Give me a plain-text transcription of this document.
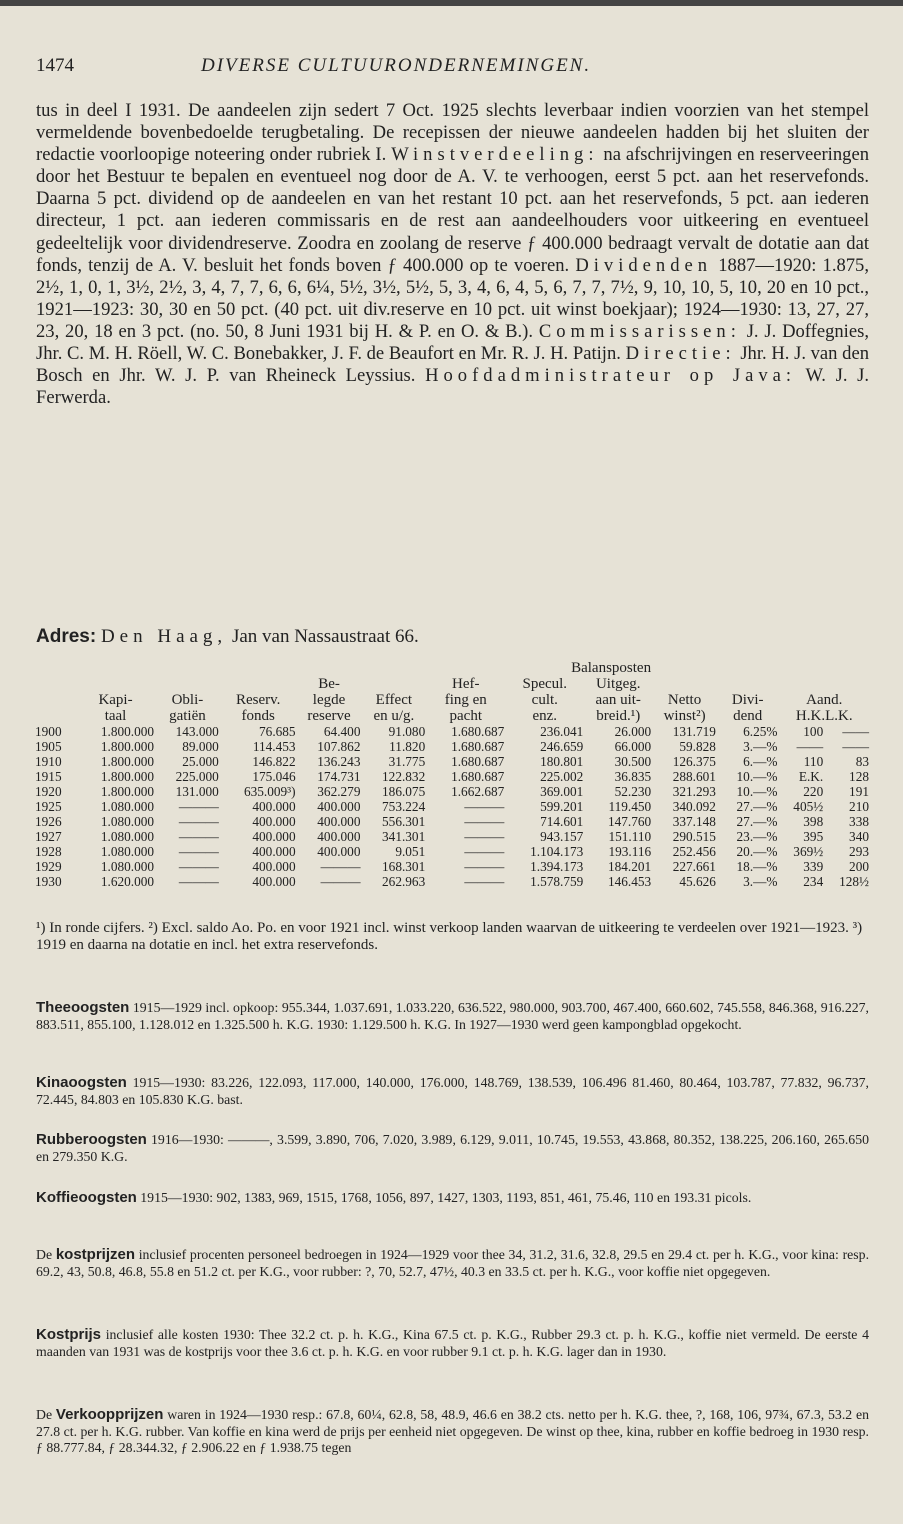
1474	DIVERSE CULTUURONDERNEMINGEN.
tus in deel I 1931. De aandeelen zijn sedert 7 Oct. 1925 slechts leverbaar indien voorzien van het stempel vermeldende bovenbedoelde terugbetaling. De recepissen der nieuwe aandeelen hadden bij het sluiten der redactie voorloopige noteering onder rubriek I. Winstverdeeling: na afschrijvingen en reserveeringen door het Bestuur te bepalen en eventueel nog door de A. V. te verhoogen, eerst 5 pct. aan het reservefonds. Daarna 5 pct. dividend op de aandeelen en van het restant 10 pct. aan het reservefonds, 5 pct. aan iederen directeur, 1 pct. aan iederen commissaris en de rest aan aandeelhouders voor uitkeering en eventueel gedeeltelijk voor dividendreserve. Zoodra en zoolang de reserve ƒ 400.000 bedraagt vervalt de dotatie aan dat fonds, tenzij de A. V. besluit het fonds boven ƒ 400.000 op te voeren. Dividenden 1887—1920: 1.875, 2½, 1, 0, 1, 3½, 2½, 3, 4, 7, 7, 6, 6, 6¼, 5½, 3½, 5½, 5, 3, 4, 6, 4, 5, 6, 7, 7, 7½, 9, 10, 10, 5, 10, 20 en 10 pct., 1921—1923: 30, 30 en 50 pct. (40 pct. uit div.reserve en 10 pct. uit winst boekjaar); 1924—1930: 13, 27, 27, 23, 20, 18 en 3 pct. (no. 50, 8 Juni 1931 bij H. & P. en O. & B.). Commissarissen: J. J. Doffegnies, Jhr. C. M. H. Röell, W. C. Bonebakker, J. F. de Beaufort en Mr. R. J. H. Patijn. Directie: Jhr. H. J. van den Bosch en Jhr. W. J. P. van Rheineck Leyssius. Hoofdadministrateur op Java: W. J. J. Ferwerda.
Adres: Den Haag, Jan van Nassaustraat 66.
							Balansposten					
				Be-		Hef-	Specul.	Uitgeg.				
	Kapi-	Obli-	Reserv.	legde	Effect	fing en	cult.	aan uit-	Netto	Divi-	Aand.	
	taal	gatiën	fonds	reserve	en u/g.	pacht	enz.	breid.¹)	winst²)	dend	H.K.L.K.	
1900	1.800.000	143.000	76.685	64.400	91.080	1.680.687	236.041	26.000	131.719	6.25%	100	——
1905	1.800.000	89.000	114.453	107.862	11.820	1.680.687	246.659	66.000	59.828	3.—%	——	——
1910	1.800.000	25.000	146.822	136.243	31.775	1.680.687	180.801	30.500	126.375	6.—%	110	83
1915	1.800.000	225.000	175.046	174.731	122.832	1.680.687	225.002	36.835	288.601	10.—%	E.K.	128
1920	1.800.000	131.000	635.009³)	362.279	186.075	1.662.687	369.001	52.230	321.293	10.—%	220	191
1925	1.080.000	———	400.000	400.000	753.224	———	599.201	119.450	340.092	27.—%	405½	210
1926	1.080.000	———	400.000	400.000	556.301	———	714.601	147.760	337.148	27.—%	398	338
1927	1.080.000	———	400.000	400.000	341.301	———	943.157	151.110	290.515	23.—%	395	340
1928	1.080.000	———	400.000	400.000	9.051	———	1.104.173	193.116	252.456	20.—%	369½	293
1929	1.080.000	———	400.000	———	168.301	———	1.394.173	184.201	227.661	18.—%	339	200
1930	1.620.000	———	400.000	———	262.963	———	1.578.759	146.453	45.626	3.—%	234	128½
¹) In ronde cijfers. ²) Excl. saldo Ao. Po. en voor 1921 incl. winst verkoop landen waarvan de uitkeering te verdeelen over 1921—1923. ³) 1919 en daarna na dotatie en incl. het extra reservefonds.
Theeoogsten 1915—1929 incl. opkoop: 955.344, 1.037.691, 1.033.220, 636.522, 980.000, 903.700, 467.400, 660.602, 745.558, 846.368, 916.227, 883.511, 855.100, 1.128.012 en 1.325.500 h. K.G. 1930: 1.129.500 h. K.G. In 1927—1930 werd geen kampongblad opgekocht.
Kinaoogsten 1915—1930: 83.226, 122.093, 117.000, 140.000, 176.000, 148.769, 138.539, 106.496 81.460, 80.464, 103.787, 77.832, 96.737, 72.445, 84.803 en 105.830 K.G. bast.
Rubberoogsten 1916—1930: ———, 3.599, 3.890, 706, 7.020, 3.989, 6.129, 9.011, 10.745, 19.553, 43.868, 80.352, 138.225, 206.160, 265.650 en 279.350 K.G.
Koffieoogsten 1915—1930: 902, 1383, 969, 1515, 1768, 1056, 897, 1427, 1303, 1193, 851, 461, 75.46, 110 en 193.31 picols.
De kostprijzen inclusief procenten personeel bedroegen in 1924—1929 voor thee 34, 31.2, 31.6, 32.8, 29.5 en 29.4 ct. per h. K.G., voor kina: resp. 69.2, 43, 50.8, 46.8, 55.8 en 51.2 ct. per K.G., voor rubber: ?, 70, 52.7, 47½, 40.3 en 33.5 ct. per h. K.G., voor koffie niet opgegeven.
Kostprijs inclusief alle kosten 1930: Thee 32.2 ct. p. h. K.G., Kina 67.5 ct. p. K.G., Rubber 29.3 ct. p. h. K.G., koffie niet vermeld. De eerste 4 maanden van 1931 was de kostprijs voor thee 3.6 ct. p. h. K.G. en voor rubber 9.1 ct. p. h. K.G. lager dan in 1930.
De Verkoopprijzen waren in 1924—1930 resp.: 67.8, 60¼, 62.8, 58, 48.9, 46.6 en 38.2 cts. netto per h. K.G. thee, ?, 168, 106, 97¾, 67.3, 53.2 en 27.8 ct. per h. K.G. rubber. Van koffie en kina werd de prijs per eenheid niet opgegeven. De winst op thee, kina, rubber en koffie bedroeg in 1930 resp. ƒ 88.777.84, ƒ 28.344.32, ƒ 2.906.22 en ƒ 1.938.75 tegen
